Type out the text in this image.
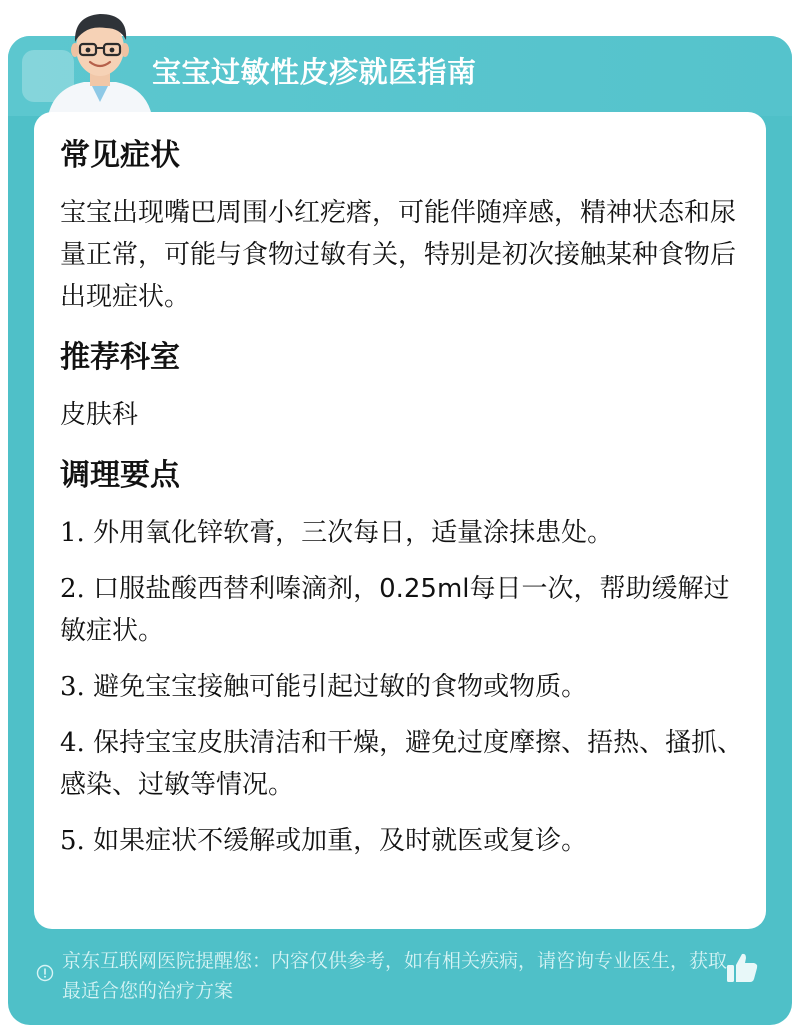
宝宝过敏性皮疹就医指南
常见症状
宝宝出现嘴巴周围小红疙瘩，可能伴随痒感，精神状态和尿量正常，可能与食物过敏有关，特别是初次接触某种食物后出现症状。
推荐科室
皮肤科
调理要点
1. 外用氧化锌软膏，三次每日，适量涂抹患处。
2. 口服盐酸西替利嗪滴剂，0.25ml每日一次，帮助缓解过敏症状。
3. 避免宝宝接触可能引起过敏的食物或物质。
4. 保持宝宝皮肤清洁和干燥，避免过度摩擦、捂热、搔抓、感染、过敏等情况。
5. 如果症状不缓解或加重，及时就医或复诊。
京东互联网医院提醒您：内容仅供参考，如有相关疾病，请咨询专业医生，获取最适合您的治疗方案
